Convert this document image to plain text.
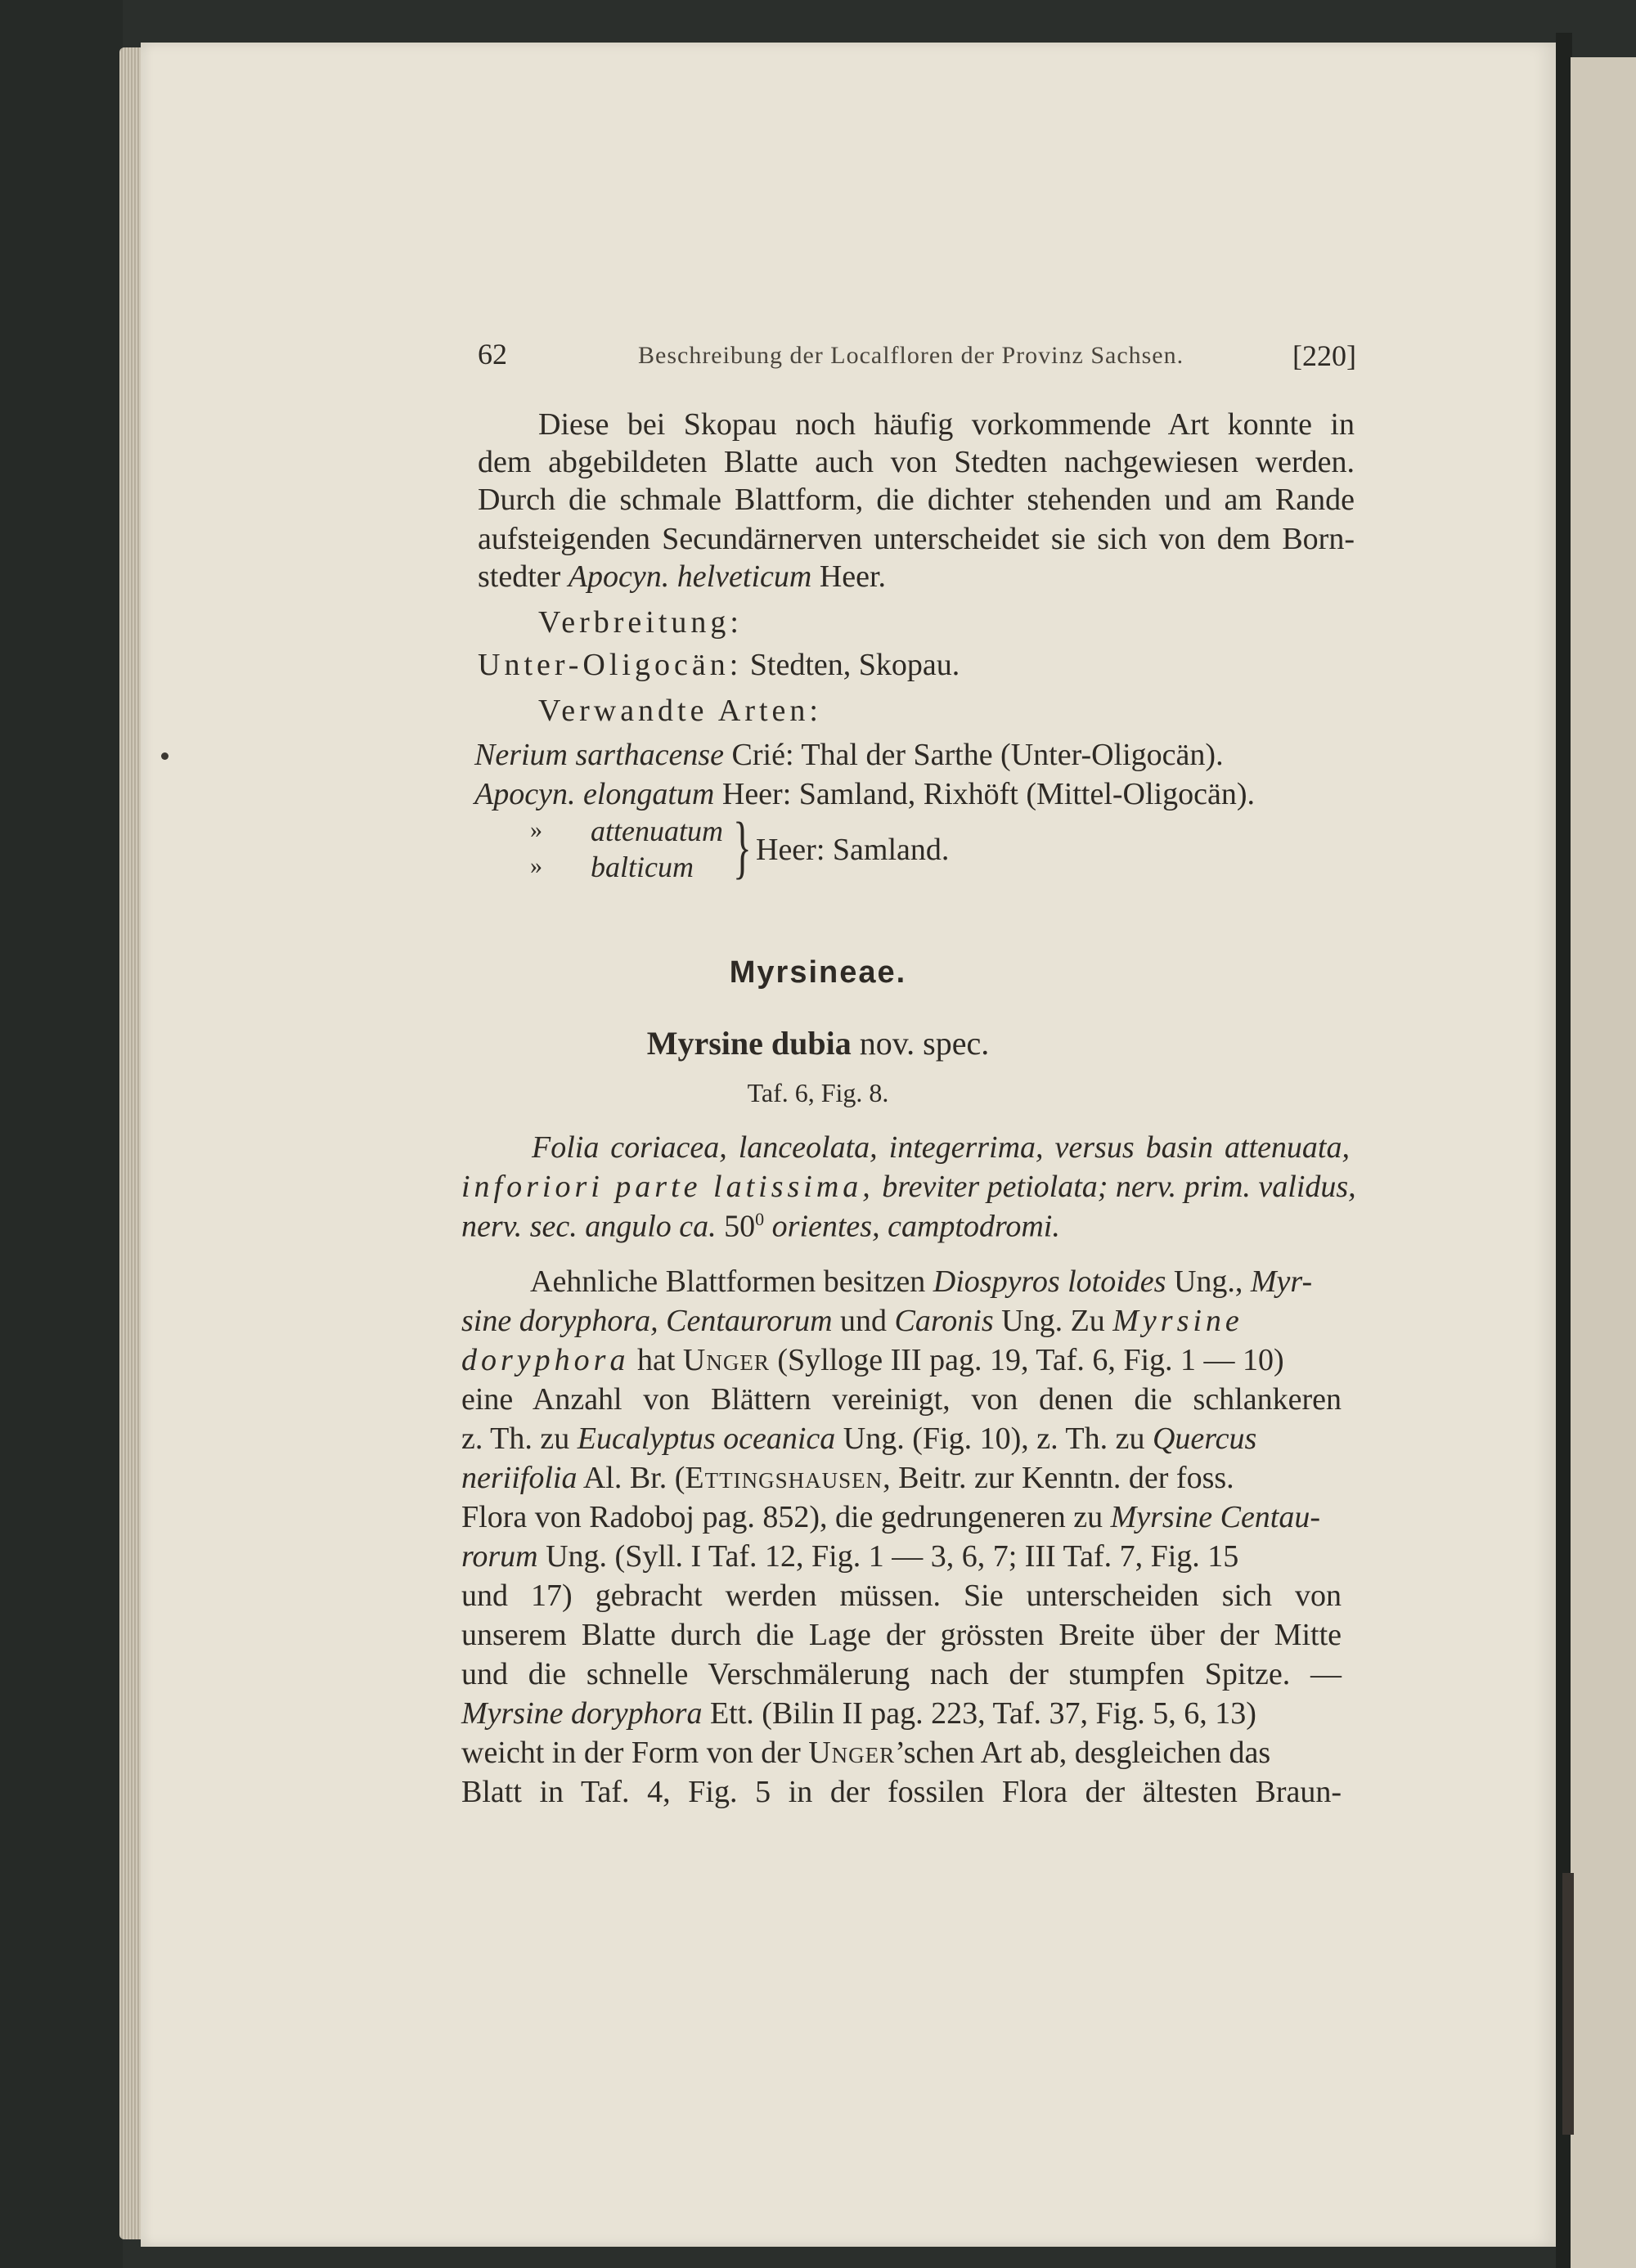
62	Beschreibung der Localfloren der Provinz Sachsen.	[220]
Diese bei Skopau noch häufig vorkommende Art konnte in
dem abgebildeten Blatte auch von Stedten nachgewiesen werden.
Durch die schmale Blattform, die dichter stehenden und am Rande
aufsteigenden Secundärnerven unterscheidet sie sich von dem Born-
stedter Apocyn. helveticum Heer.
Verbreitung:
Unter-Oligocän: Stedten, Skopau.
Verwandte Arten:
Nerium sarthacense Crié: Thal der Sarthe (Unter-Oligocän).
Apocyn. elongatum Heer: Samland, Rixhöft (Mittel-Oligocän).
» attenuatum
» balticum } Heer: Samland.
Myrsineae.
Myrsine dubia nov. spec.
Taf. 6, Fig. 8.
Folia coriacea, lanceolata, integerrima, versus basin attenuata,
inforiori parte latissima, breviter petiolata; nerv. prim. validus,
nerv. sec. angulo ca. $50^0$ orientes, camptodromi.
Aehnliche Blattformen besitzen Diospyros lotoides Ung., Myr-
sine doryphora, Centaurorum und Caronis Ung. Zu Myrsine
doryphora hat Unger (Sylloge III pag. 19, Taf. 6, Fig. 1 — 10)
eine Anzahl von Blättern vereinigt, von denen die schlankeren
z. Th. zu Eucalyptus oceanica Ung. (Fig. 10), z. Th. zu Quercus
neriifolia Al. Br. (Ettingshausen, Beitr. zur Kenntn. der foss.
Flora von Radoboj pag. 852), die gedrungeneren zu Myrsine Centau-
rorum Ung. (Syll. I Taf. 12, Fig. 1 — 3, 6, 7; III Taf. 7, Fig. 15
und 17) gebracht werden müssen. Sie unterscheiden sich von
unserem Blatte durch die Lage der grössten Breite über der Mitte
und die schnelle Verschmälerung nach der stumpfen Spitze. —
Myrsine doryphora Ett. (Bilin II pag. 223, Taf. 37, Fig. 5, 6, 13)
weicht in der Form von der Unger’schen Art ab, desgleichen das
Blatt in Taf. 4, Fig. 5 in der fossilen Flora der ältesten Braun-
